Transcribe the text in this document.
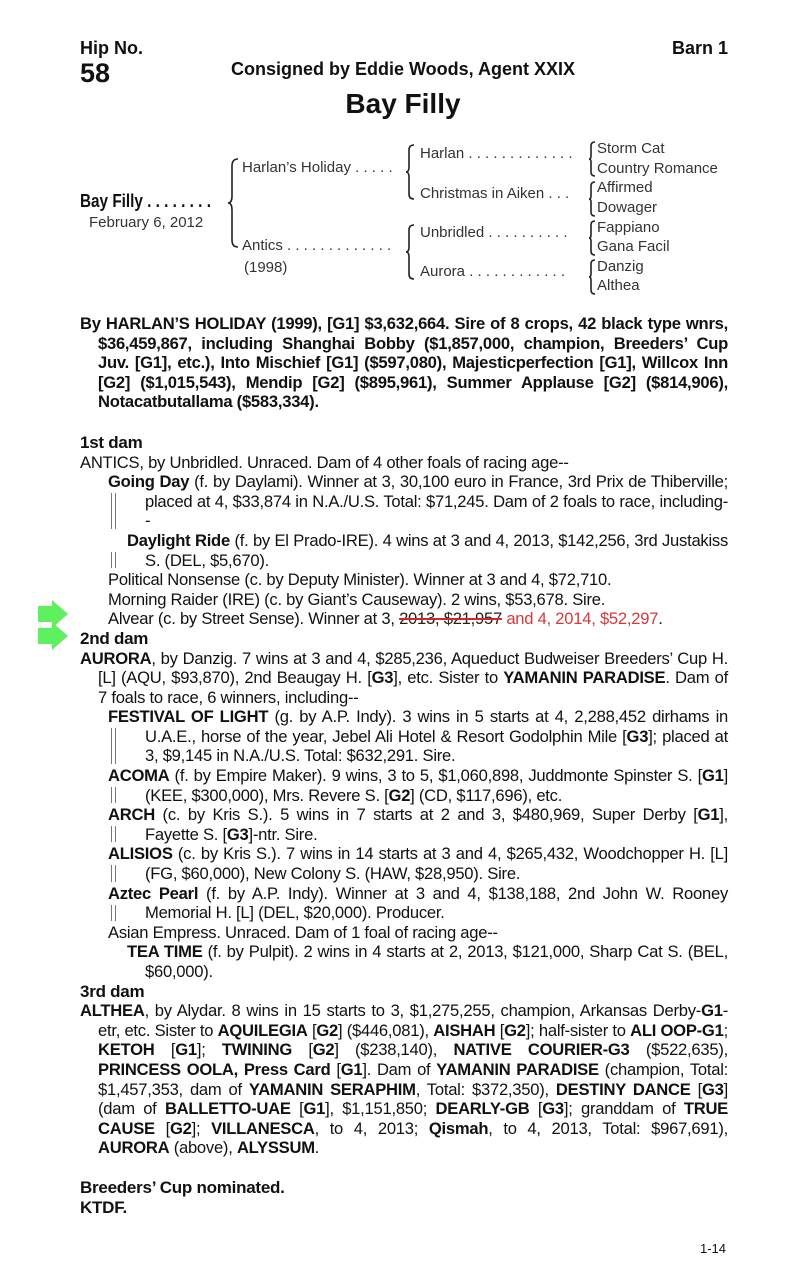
Hip No.
58
Barn 1
Consigned by Eddie Woods, Agent XXIX
Bay Filly
Bay Filly . . . . . . . .
February 6, 2012
Harlan’s Holiday . . . . .
Antics . . . . . . . . . . . . .
(1998)
Harlan . . . . . . . . . . . . .
Christmas in Aiken . . .
Unbridled . . . . . . . . . .
Aurora . . . . . . . . . . . .
Storm Cat
Country Romance
Affirmed
Dowager
Fappiano
Gana Facil
Danzig
Althea
By HARLAN’S HOLIDAY (1999), [G1] $3,632,664. Sire of 8 crops, 42 black type wnrs, $36,459,867, including Shanghai Bobby ($1,857,000, champion, Breeders’ Cup Juv. [G1], etc.), Into Mischief [G1] ($597,080), Majesticperfection [G1], Willcox Inn [G2] ($1,015,543), Mendip [G2] ($895,961), Summer Applause [G2] ($814,906), Notacatbutallama ($583,334).
1st dam
ANTICS, by Unbridled. Unraced. Dam of 4 other foals of racing age--
Going Day (f. by Daylami). Winner at 3, 30,100 euro in France, 3rd Prix de Thiberville; placed at 4, $33,874 in N.A./U.S. Total: $71,245. Dam of 2 foals to race, including--
Daylight Ride (f. by El Prado-IRE). 4 wins at 3 and 4, 2013, $142,256, 3rd Justakiss S. (DEL, $5,670).
Political Nonsense (c. by Deputy Minister). Winner at 3 and 4, $72,710.
Morning Raider (IRE) (c. by Giant’s Causeway). 2 wins, $53,678. Sire.
Alvear (c. by Street Sense). Winner at 3, 2013, $21,957 and 4, 2014, $52,297.
2nd dam
AURORA, by Danzig. 7 wins at 3 and 4, $285,236, Aqueduct Budweiser Breeders’ Cup H. [L] (AQU, $93,870), 2nd Beaugay H. [G3], etc. Sister to YAMANIN PARADISE. Dam of 7 foals to race, 6 winners, including--
FESTIVAL OF LIGHT (g. by A.P. Indy). 3 wins in 5 starts at 4, 2,288,452 dirhams in U.A.E., horse of the year, Jebel Ali Hotel & Resort Godolphin Mile [G3]; placed at 3, $9,145 in N.A./U.S. Total: $632,291. Sire.
ACOMA (f. by Empire Maker). 9 wins, 3 to 5, $1,060,898, Juddmonte Spinster S. [G1] (KEE, $300,000), Mrs. Revere S. [G2] (CD, $117,696), etc.
ARCH (c. by Kris S.). 5 wins in 7 starts at 2 and 3, $480,969, Super Derby [G1], Fayette S. [G3]-ntr. Sire.
ALISIOS (c. by Kris S.). 7 wins in 14 starts at 3 and 4, $265,432, Woodchopper H. [L] (FG, $60,000), New Colony S. (HAW, $28,950). Sire.
Aztec Pearl (f. by A.P. Indy). Winner at 3 and 4, $138,188, 2nd John W. Rooney Memorial H. [L] (DEL, $20,000). Producer.
Asian Empress. Unraced. Dam of 1 foal of racing age--
TEA TIME (f. by Pulpit). 2 wins in 4 starts at 2, 2013, $121,000, Sharp Cat S. (BEL, $60,000).
3rd dam
ALTHEA, by Alydar. 8 wins in 15 starts to 3, $1,275,255, champion, Arkansas Derby-G1-etr, etc. Sister to AQUILEGIA [G2] ($446,081), AISHAH [G2]; half-sister to ALI OOP-G1; KETOH [G1]; TWINING [G2] ($238,140), NATIVE COURIER-G3 ($522,635), PRINCESS OOLA, Press Card [G1]. Dam of YAMANIN PARADISE (champion, Total: $1,457,353, dam of YAMANIN SERAPHIM, Total: $372,350), DESTINY DANCE [G3] (dam of BALLETTO-UAE [G1], $1,151,850; DEARLY-GB [G3]; granddam of TRUE CAUSE [G2]; VILLANESCA, to 4, 2013; Qismah, to 4, 2013, Total: $967,691), AURORA (above), ALYSSUM.
Breeders’ Cup nominated.
KTDF.
1-14
